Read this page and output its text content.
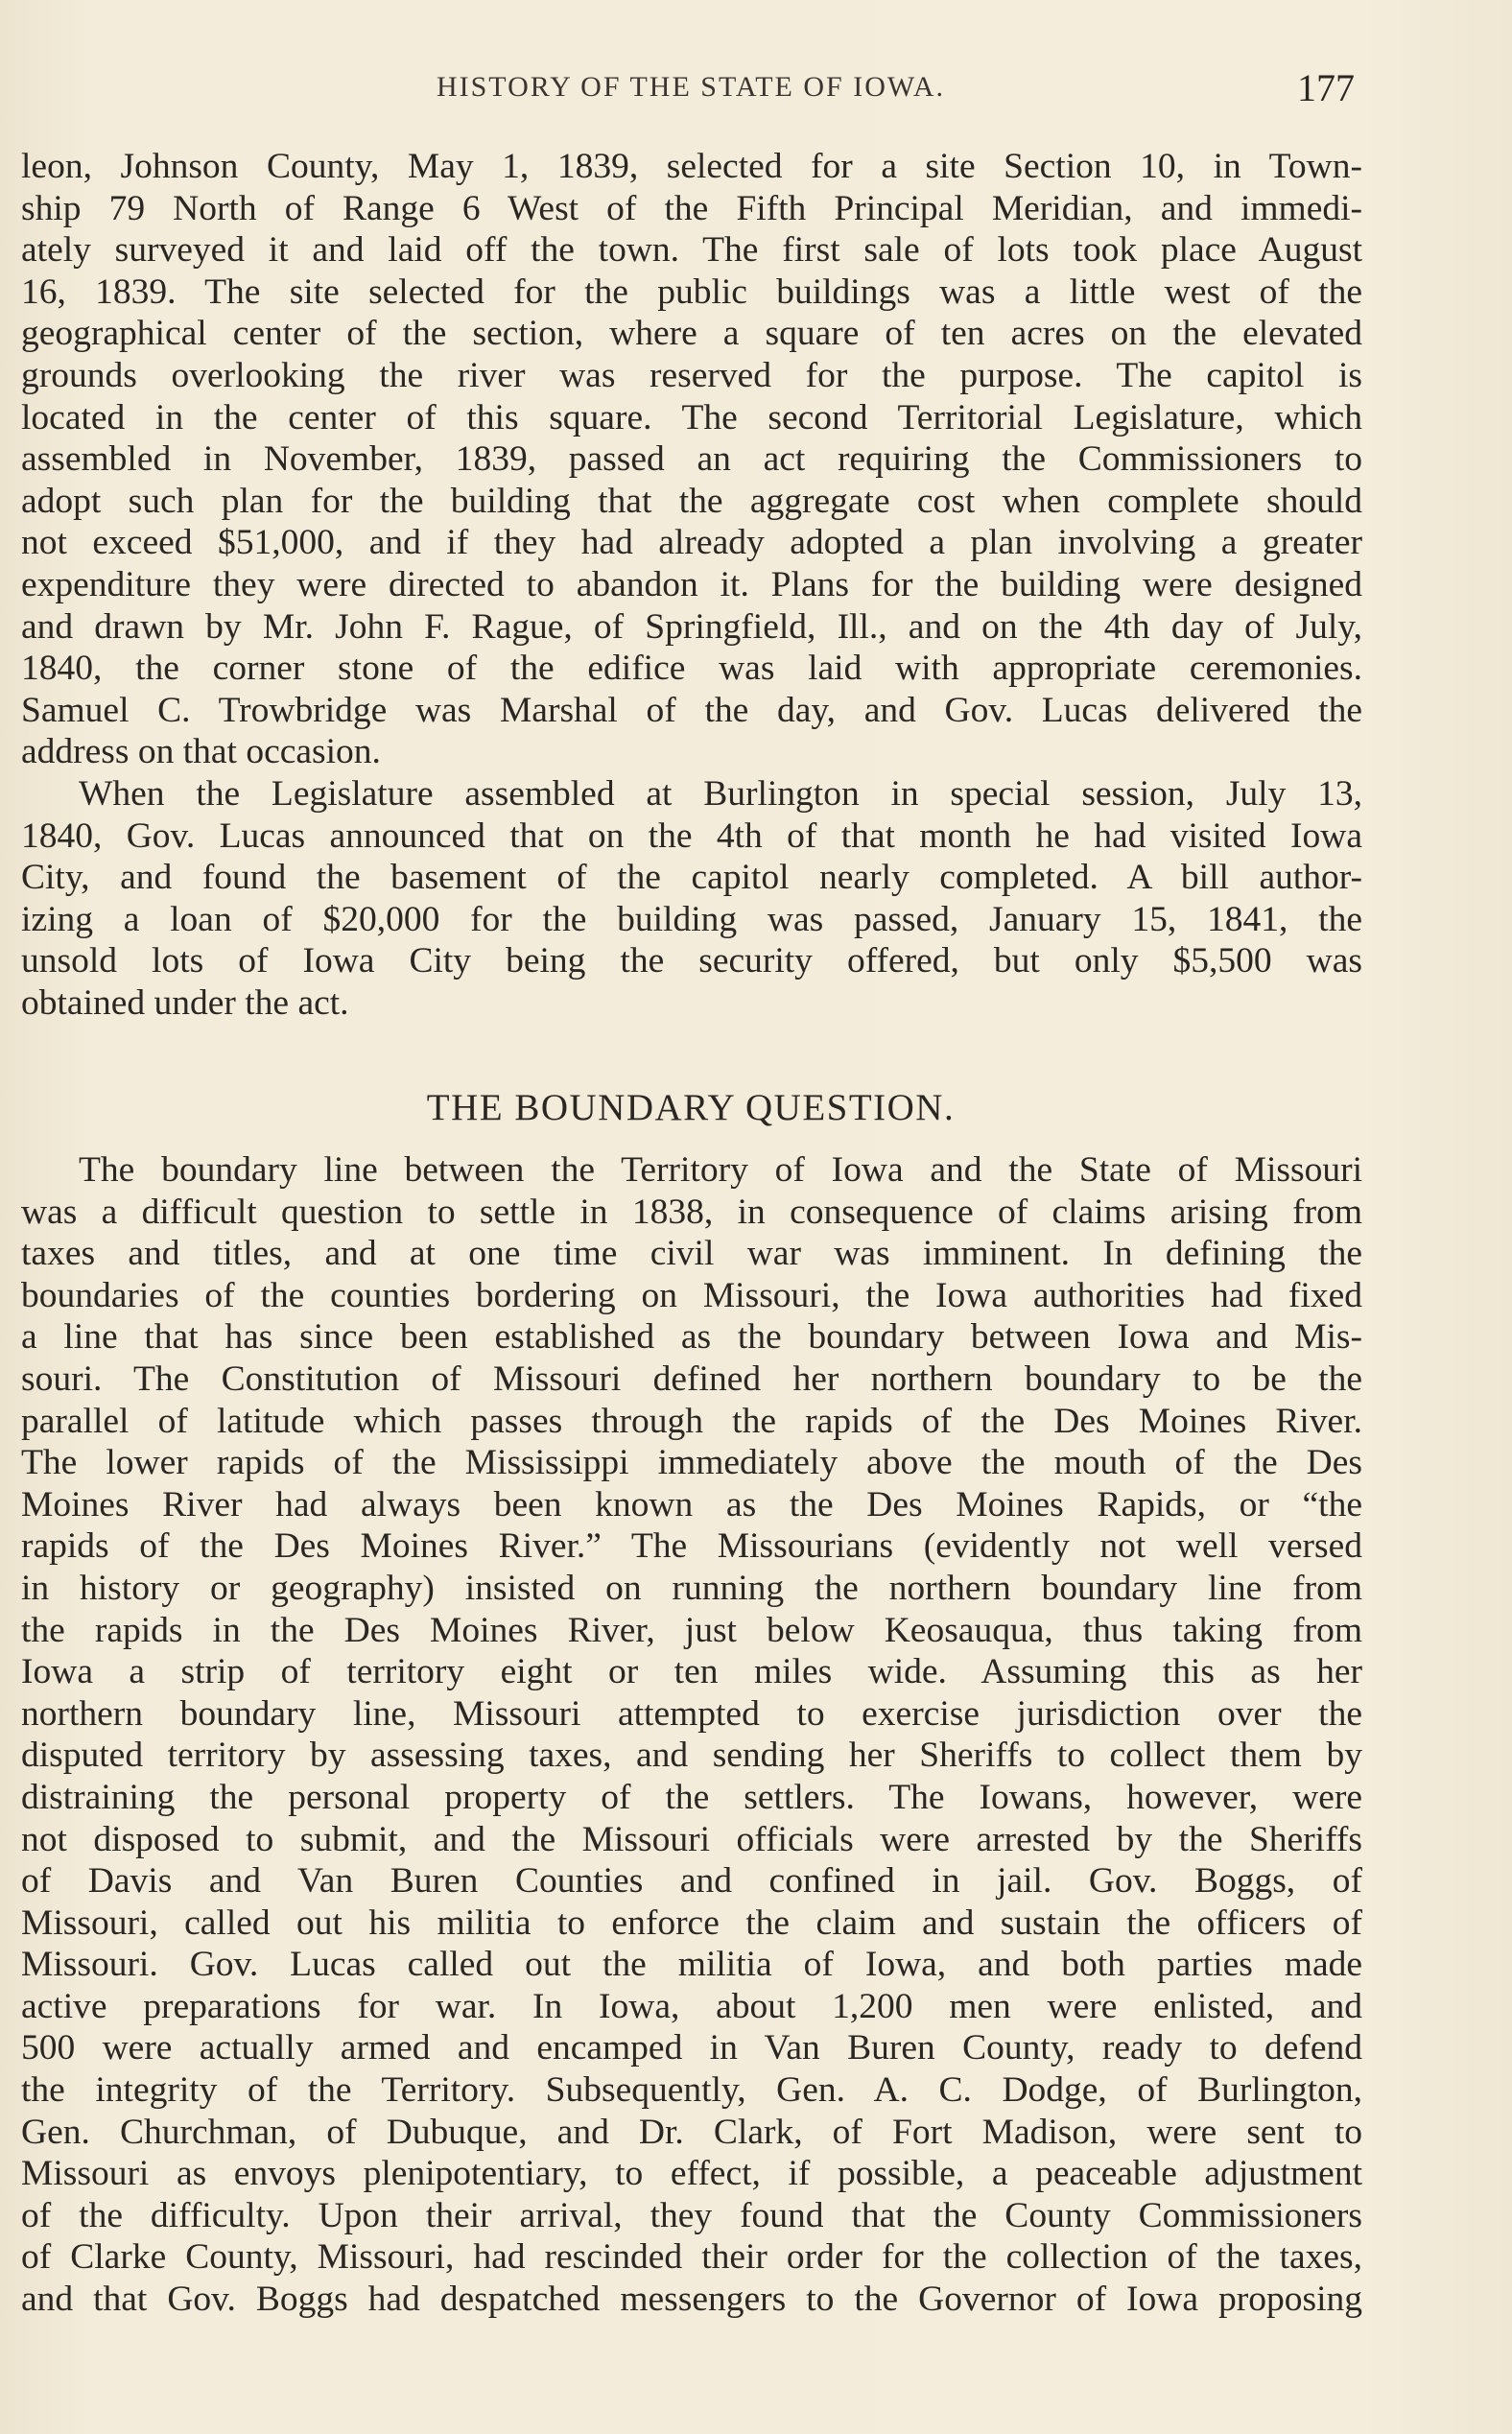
HISTORY OF THE STATE OF IOWA.	177

leon, Johnson County, May 1, 1839, selected for a site Section 10, in Town-
ship 79 North of Range 6 West of the Fifth Principal Meridian, and immedi-
ately surveyed it and laid off the town. The first sale of lots took place August
16, 1839. The site selected for the public buildings was a little west of the
geographical center of the section, where a square of ten acres on the elevated
grounds overlooking the river was reserved for the purpose. The capitol is
located in the center of this square. The second Territorial Legislature, which
assembled in November, 1839, passed an act requiring the Commissioners to
adopt such plan for the building that the aggregate cost when complete should
not exceed $51,000, and if they had already adopted a plan involving a greater
expenditure they were directed to abandon it. Plans for the building were designed
and drawn by Mr. John F. Rague, of Springfield, Ill., and on the 4th day of July,
1840, the corner stone of the edifice was laid with appropriate ceremonies.
Samuel C. Trowbridge was Marshal of the day, and Gov. Lucas delivered the
address on that occasion.

When the Legislature assembled at Burlington in special session, July 13,
1840, Gov. Lucas announced that on the 4th of that month he had visited Iowa
City, and found the basement of the capitol nearly completed. A bill author-
izing a loan of $20,000 for the building was passed, January 15, 1841, the
unsold lots of Iowa City being the security offered, but only $5,500 was
obtained under the act.

THE BOUNDARY QUESTION.

The boundary line between the Territory of Iowa and the State of Missouri
was a difficult question to settle in 1838, in consequence of claims arising from
taxes and titles, and at one time civil war was imminent. In defining the
boundaries of the counties bordering on Missouri, the Iowa authorities had fixed
a line that has since been established as the boundary between Iowa and Mis-
souri. The Constitution of Missouri defined her northern boundary to be the
parallel of latitude which passes through the rapids of the Des Moines River.
The lower rapids of the Mississippi immediately above the mouth of the Des
Moines River had always been known as the Des Moines Rapids, or “the
rapids of the Des Moines River.” The Missourians (evidently not well versed
in history or geography) insisted on running the northern boundary line from
the rapids in the Des Moines River, just below Keosauqua, thus taking from
Iowa a strip of territory eight or ten miles wide. Assuming this as her
northern boundary line, Missouri attempted to exercise jurisdiction over the
disputed territory by assessing taxes, and sending her Sheriffs to collect them by
distraining the personal property of the settlers. The Iowans, however, were
not disposed to submit, and the Missouri officials were arrested by the Sheriffs
of Davis and Van Buren Counties and confined in jail. Gov. Boggs, of
Missouri, called out his militia to enforce the claim and sustain the officers of
Missouri. Gov. Lucas called out the militia of Iowa, and both parties made
active preparations for war. In Iowa, about 1,200 men were enlisted, and
500 were actually armed and encamped in Van Buren County, ready to defend
the integrity of the Territory. Subsequently, Gen. A. C. Dodge, of Burlington,
Gen. Churchman, of Dubuque, and Dr. Clark, of Fort Madison, were sent to
Missouri as envoys plenipotentiary, to effect, if possible, a peaceable adjustment
of the difficulty. Upon their arrival, they found that the County Commissioners
of Clarke County, Missouri, had rescinded their order for the collection of the taxes,
and that Gov. Boggs had despatched messengers to the Governor of Iowa proposing
